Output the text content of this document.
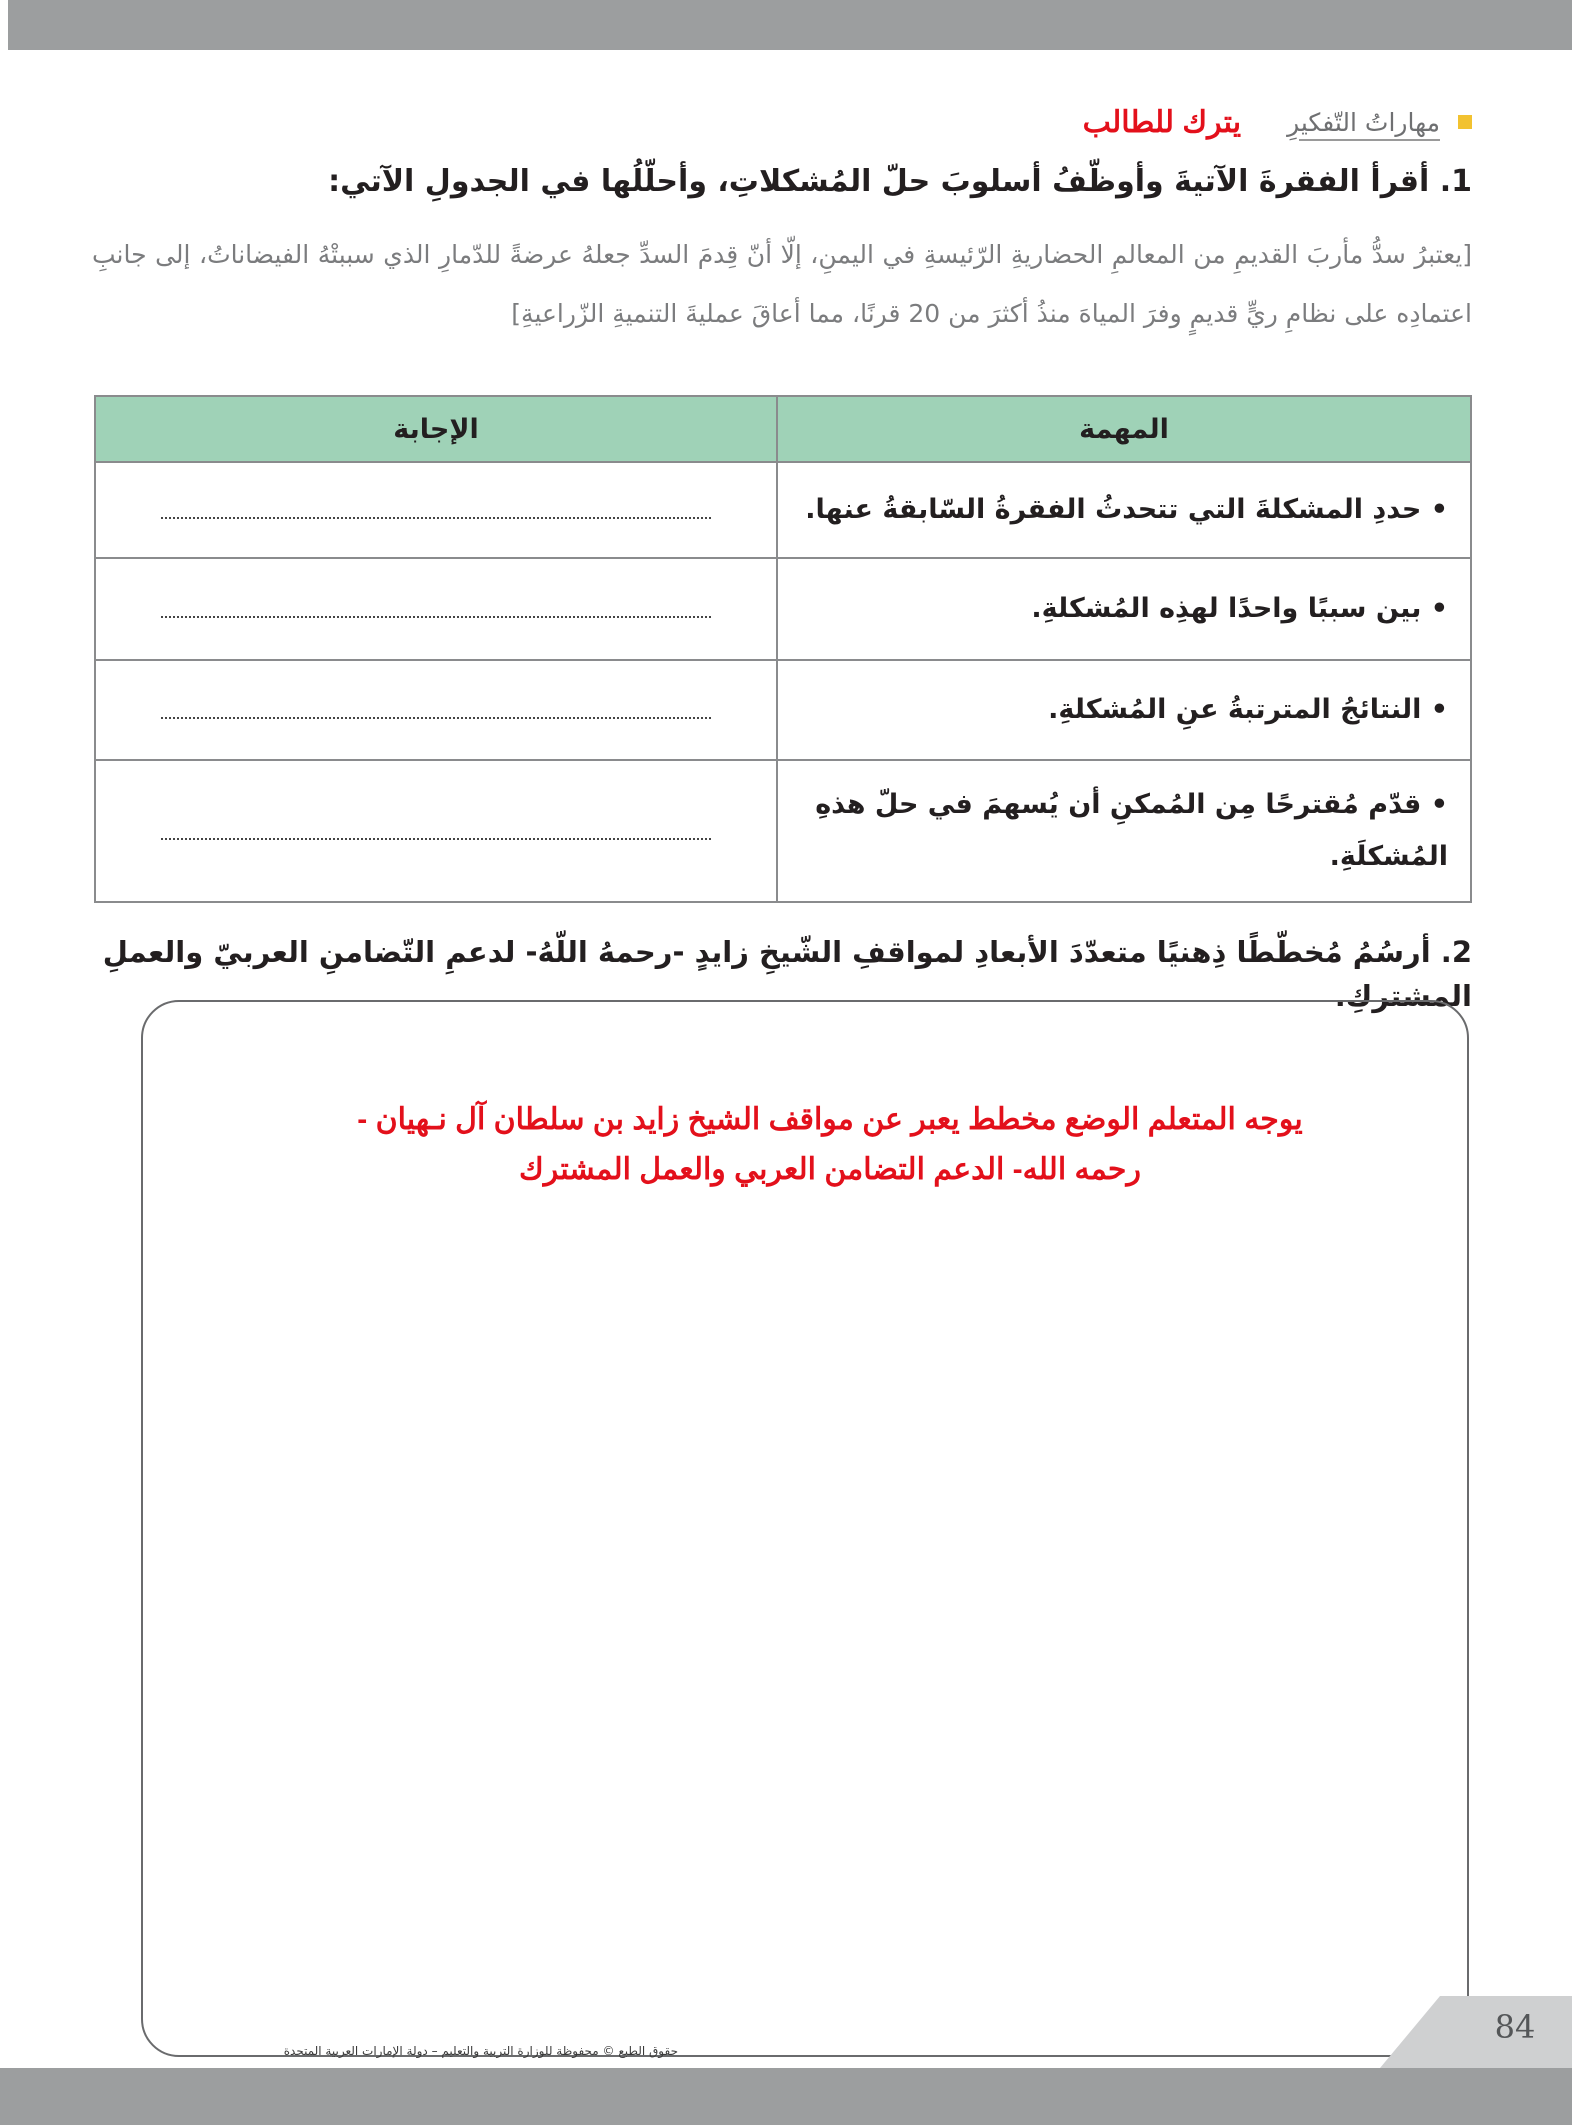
مهاراتُ التّفكيرِ
يترك للطالب
1. أقرأ الفقرةَ الآتيةَ وأوظّفُ أسلوبَ حلّ المُشكلاتِ، وأحلّلُها في الجدولِ الآتي:
[يعتبرُ سدُّ مأربَ القديمِ من المعالمِ الحضاريةِ الرّئيسةِ في اليمنِ، إلّا أنّ قِدمَ السدِّ جعلهُ عرضةً للدّمارِ الذي سببتْهُ الفيضاناتُ، إلى جانبِ اعتمادِه على نظامِ ريٍّ قديمٍ وفرَ المياهَ منذُ أكثرَ من 20 قرنًا، مما أعاقَ عمليةَ التنميةِ الزّراعيةِ]
المهمة	الإجابة
• حددِ المشكلةَ التي تتحدثُ الفقرةُ السّابقةُ عنها.	
• بين سببًا واحدًا لهذِه المُشكلةِ.	
• النتائجُ المترتبةُ عنِ المُشكلةِ.	
• قدّم مُقترحًا مِن المُمكنِ أن يُسهمَ في حلّ هذهِ المُشكلَةِ.	
2. أرسُمُ مُخطّطًا ذِهنيًا متعدّدَ الأبعادِ لمواقفِ الشّيخِ زايدٍ -رحمهُ اللّهُ- لدعمِ التّضامنِ العربيّ والعملِ المشتركِ.
يوجه المتعلم الوضع مخطط يعبر عن مواقف الشيخ زايد بن سلطان آل نـهيان -
رحمه الله- الدعم التضامن العربي والعمل المشترك
84
حقوق الطبع © محفوظة للوزارة التربية والتعليم – دولة الإمارات العربية المتحدة
